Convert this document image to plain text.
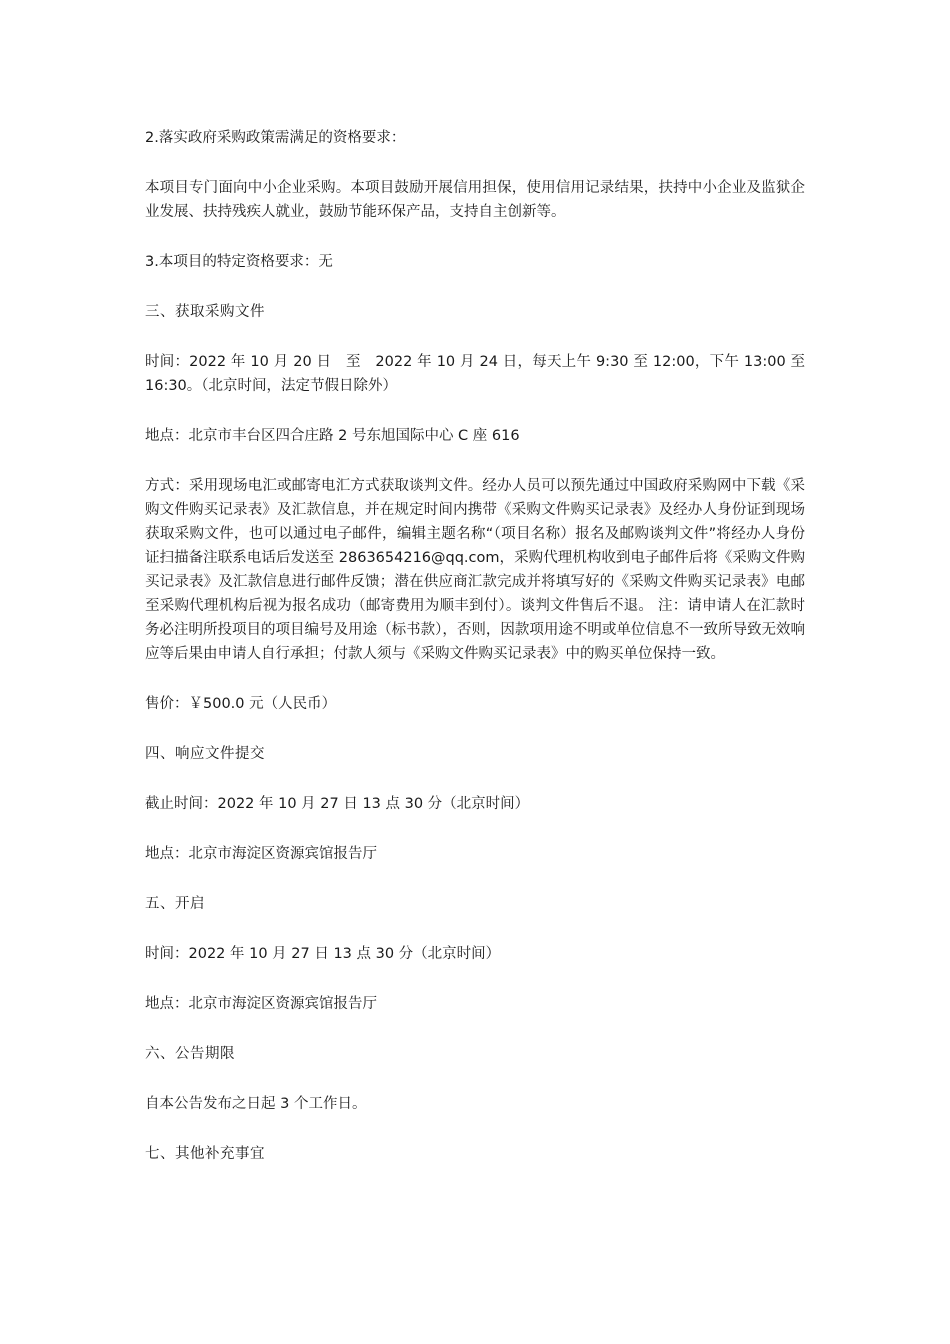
2.落实政府采购政策需满足的资格要求：

本项目专门面向中小企业采购。本项目鼓励开展信用担保，使用信用记录结果，扶持中小企业及监狱企业发展、扶持残疾人就业，鼓励节能环保产品，支持自主创新等。

3.本项目的特定资格要求：无

三、获取采购文件

时间：2022 年 10 月 20 日　至　2022 年 10 月 24 日，每天上午 9:30 至 12:00，下午 13:00 至 16:30。（北京时间，法定节假日除外）

地点：北京市丰台区四合庄路 2 号东旭国际中心 C 座 616

方式：采用现场电汇或邮寄电汇方式获取谈判文件。经办人员可以预先通过中国政府采购网中下载《采购文件购买记录表》及汇款信息，并在规定时间内携带《采购文件购买记录表》及经办人身份证到现场获取采购文件，也可以通过电子邮件，编辑主题名称“（项目名称）报名及邮购谈判文件”将经办人身份证扫描备注联系电话后发送至 2863654216@qq.com，采购代理机构收到电子邮件后将《采购文件购买记录表》及汇款信息进行邮件反馈；潜在供应商汇款完成并将填写好的《采购文件购买记录表》电邮至采购代理机构后视为报名成功（邮寄费用为顺丰到付）。谈判文件售后不退。 注：请申请人在汇款时务必注明所投项目的项目编号及用途（标书款），否则，因款项用途不明或单位信息不一致所导致无效响应等后果由申请人自行承担；付款人须与《采购文件购买记录表》中的购买单位保持一致。

售价：￥500.0 元（人民币）

四、响应文件提交

截止时间：2022 年 10 月 27 日 13 点 30 分（北京时间）

地点：北京市海淀区资源宾馆报告厅

五、开启

时间：2022 年 10 月 27 日 13 点 30 分（北京时间）

地点：北京市海淀区资源宾馆报告厅

六、公告期限

自本公告发布之日起 3 个工作日。

七、其他补充事宜
